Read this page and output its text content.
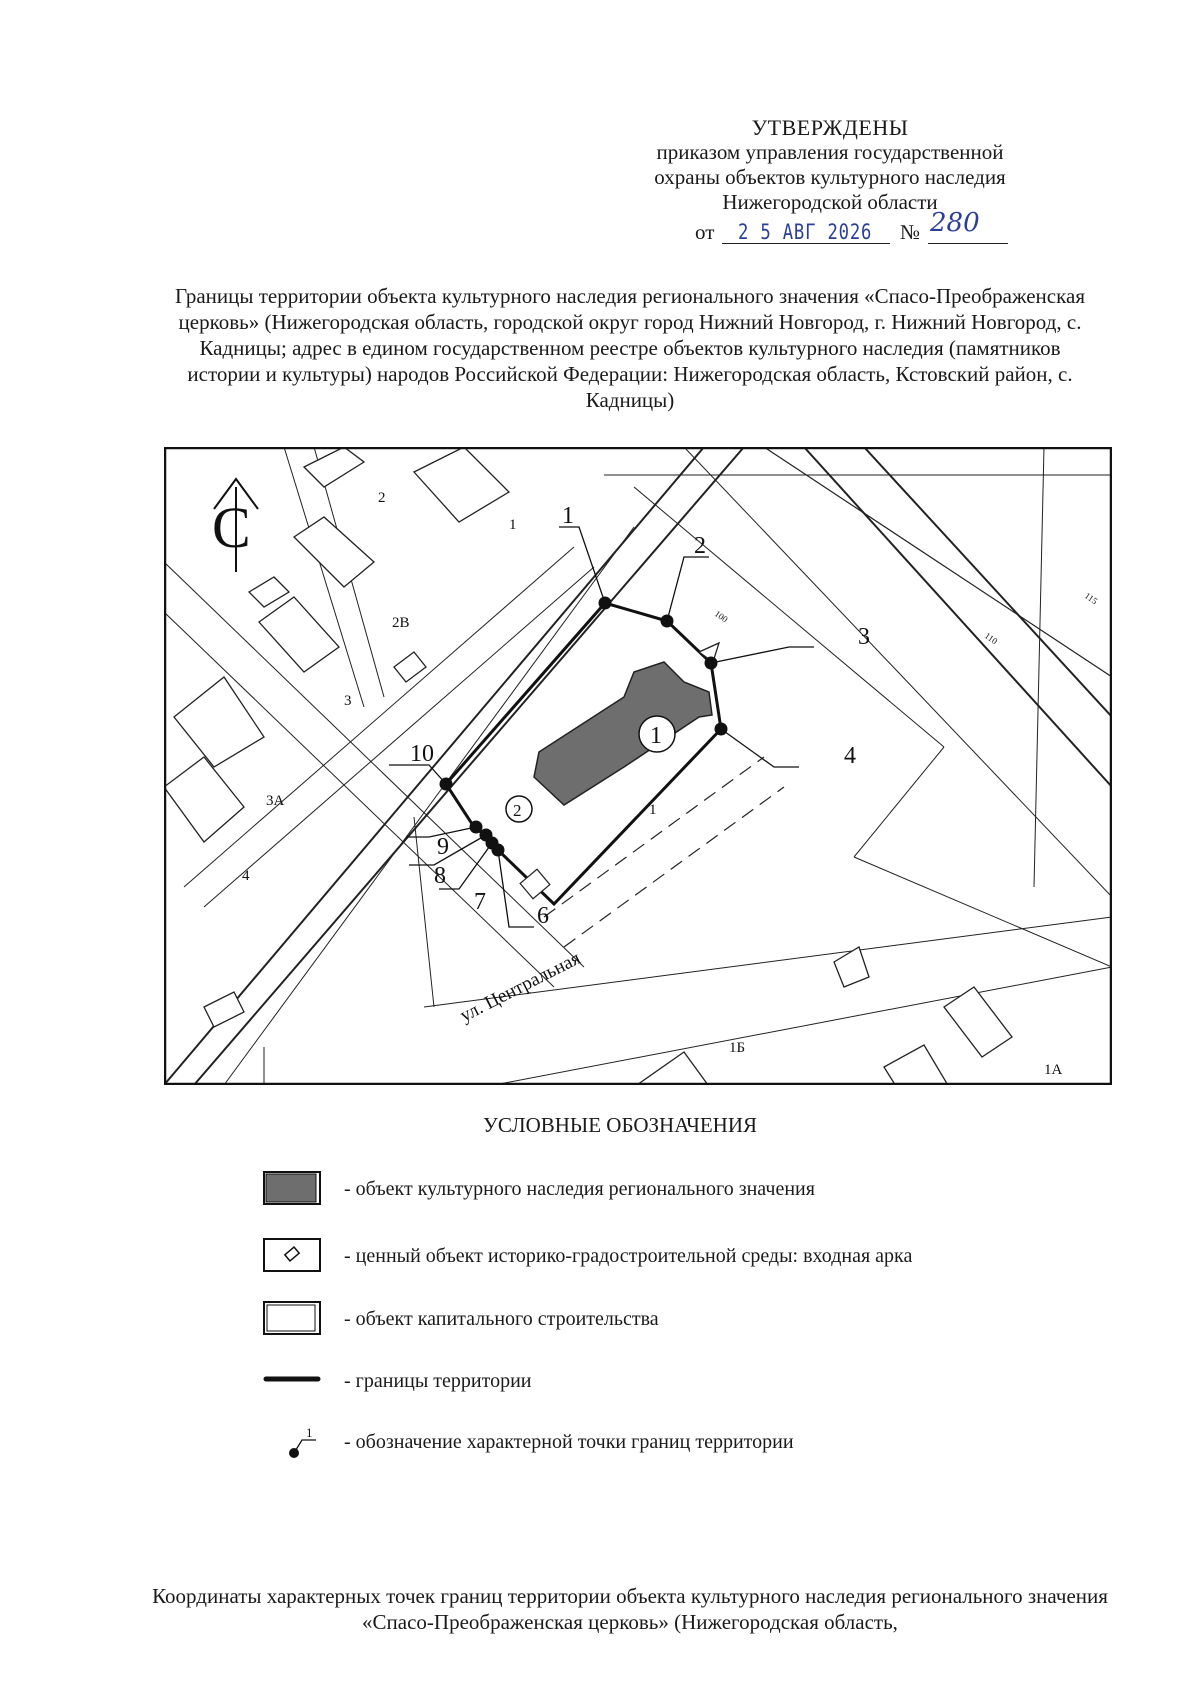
УТВЕРЖДЕНЫ
приказом управления государственной
охраны объектов культурного наследия
Нижегородской области
от 2 5 АВГ 2026 № 280
Границы территории объекта культурного наследия регионального значения «Спасо-Преображенская церковь» (Нижегородская область, городской округ город Нижний Новгород, г. Нижний Новгород, с. Кадницы; адрес в едином государственном реестре объектов культурного наследия (памятников истории и культуры) народов Российской Федерации: Нижегородская область, Кстовский район, с. Кадницы)
С	1
2
2В
3
3А
4
1Б
1А
1
1
2
1
2
3
4
6
7
8
9
10
100
110
115
ул. Центральная
УСЛОВНЫЕ ОБОЗНАЧЕНИЯ
- объект культурного наследия регионального значения
- ценный объект историко-градостроительной среды: входная арка
- объект капитального строительства
- границы территории
1 - обозначение характерной точки границ территории
Координаты характерных точек границ территории объекта культурного наследия регионального значения «Спасо-Преображенская церковь» (Нижегородская область,
